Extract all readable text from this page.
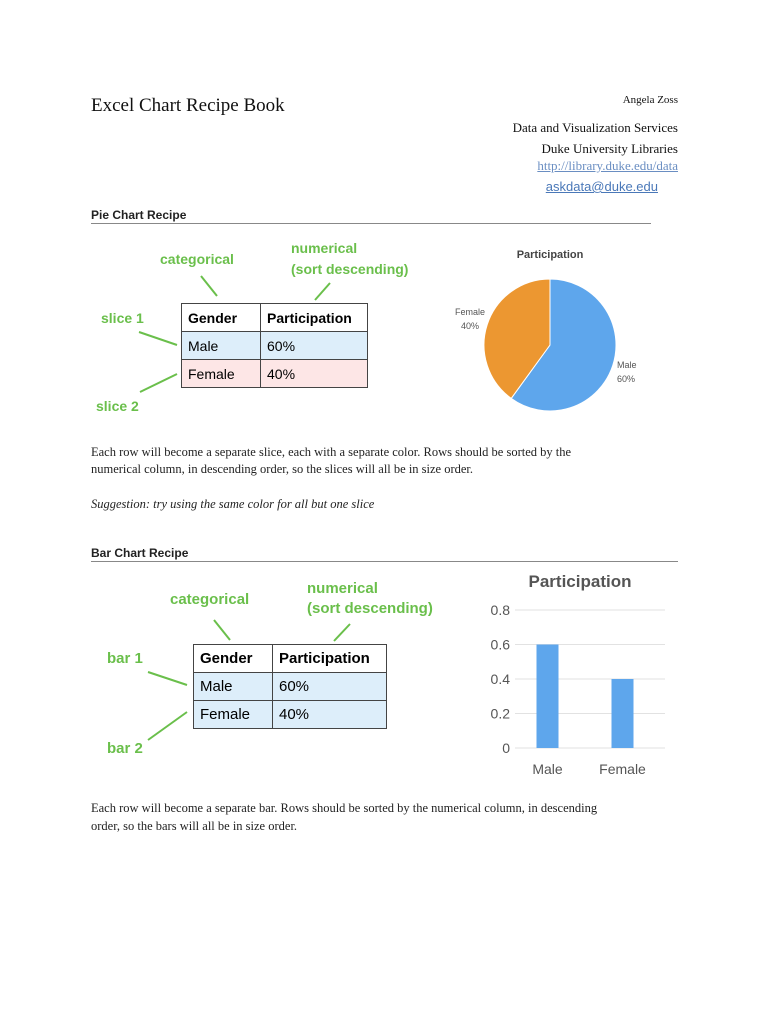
Excel Chart Recipe Book	Angela Zoss
Data and Visualization Services
Duke University Libraries
http://library.duke.edu/data
askdata@duke.edu
Pie Chart Recipe
categorical
numerical
(sort descending)
slice 1
slice 2
Gender	Participation
Male	60%
Female	40%
Participation
Male
60%
Female
40%
Each row will become a separate slice, each with a separate color. Rows should be sorted by the
numerical column, in descending order, so the slices will all be in size order.
Suggestion: try using the same color for all but one slice
Bar Chart Recipe
categorical
numerical
(sort descending)
bar 1
bar 2
Gender	Participation
Male	60%
Female	40%
Participation
0
0.2
0.4
0.6
0.8
Male	Female
Each row will become a separate bar. Rows should be sorted by the numerical column, in descending
order, so the bars will all be in size order.
